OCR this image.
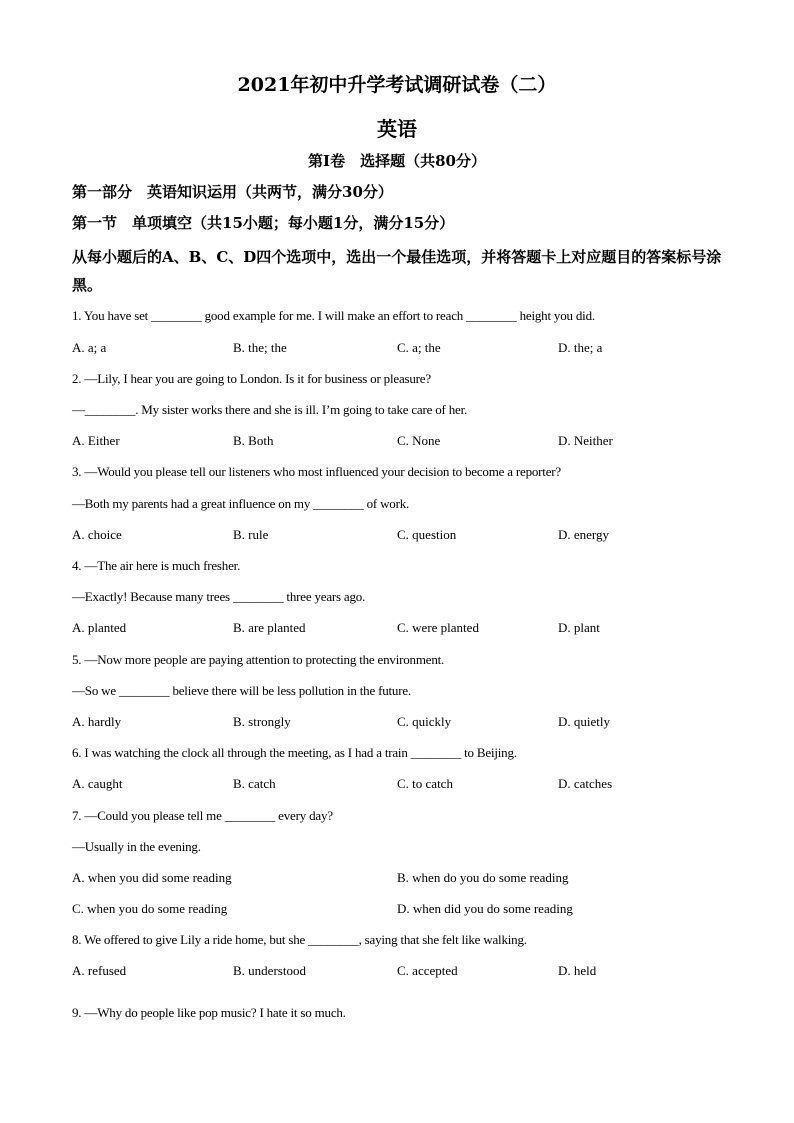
2021年初中升学考试调研试卷（二）
英语
第Ⅰ卷　选择题（共80分）
第一部分　英语知识运用（共两节，满分30分）
第一节　单项填空（共15小题；每小题1分，满分15分）
从每小题后的A、B、C、D四个选项中，选出一个最佳选项，并将答题卡上对应题目的答案标号涂黑。
1. You have set ________ good example for me. I will make an effort to reach ________ height you did.
A. a; a	B. the; the	C. a; the	D. the; a
2. —Lily, I hear you are going to London. Is it for business or pleasure?
—________. My sister works there and she is ill. I’m going to take care of her.
A. Either	B. Both	C. None	D. Neither
3. —Would you please tell our listeners who most influenced your decision to become a reporter?
—Both my parents had a great influence on my ________ of work.
A. choice	B. rule	C. question	D. energy
4. —The air here is much fresher.
—Exactly! Because many trees ________ three years ago.
A. planted	B. are planted	C. were planted	D. plant
5. —Now more people are paying attention to protecting the environment.
—So we ________ believe there will be less pollution in the future.
A. hardly	B. strongly	C. quickly	D. quietly
6. I was watching the clock all through the meeting, as I had a train ________ to Beijing.
A. caught	B. catch	C. to catch	D. catches
7. —Could you please tell me ________ every day?
—Usually in the evening.
A. when you did some reading	B. when do you do some reading
C. when you do some reading	D. when did you do some reading
8. We offered to give Lily a ride home, but she ________, saying that she felt like walking.
A. refused	B. understood	C. accepted	D. held
9. —Why do people like pop music? I hate it so much.
